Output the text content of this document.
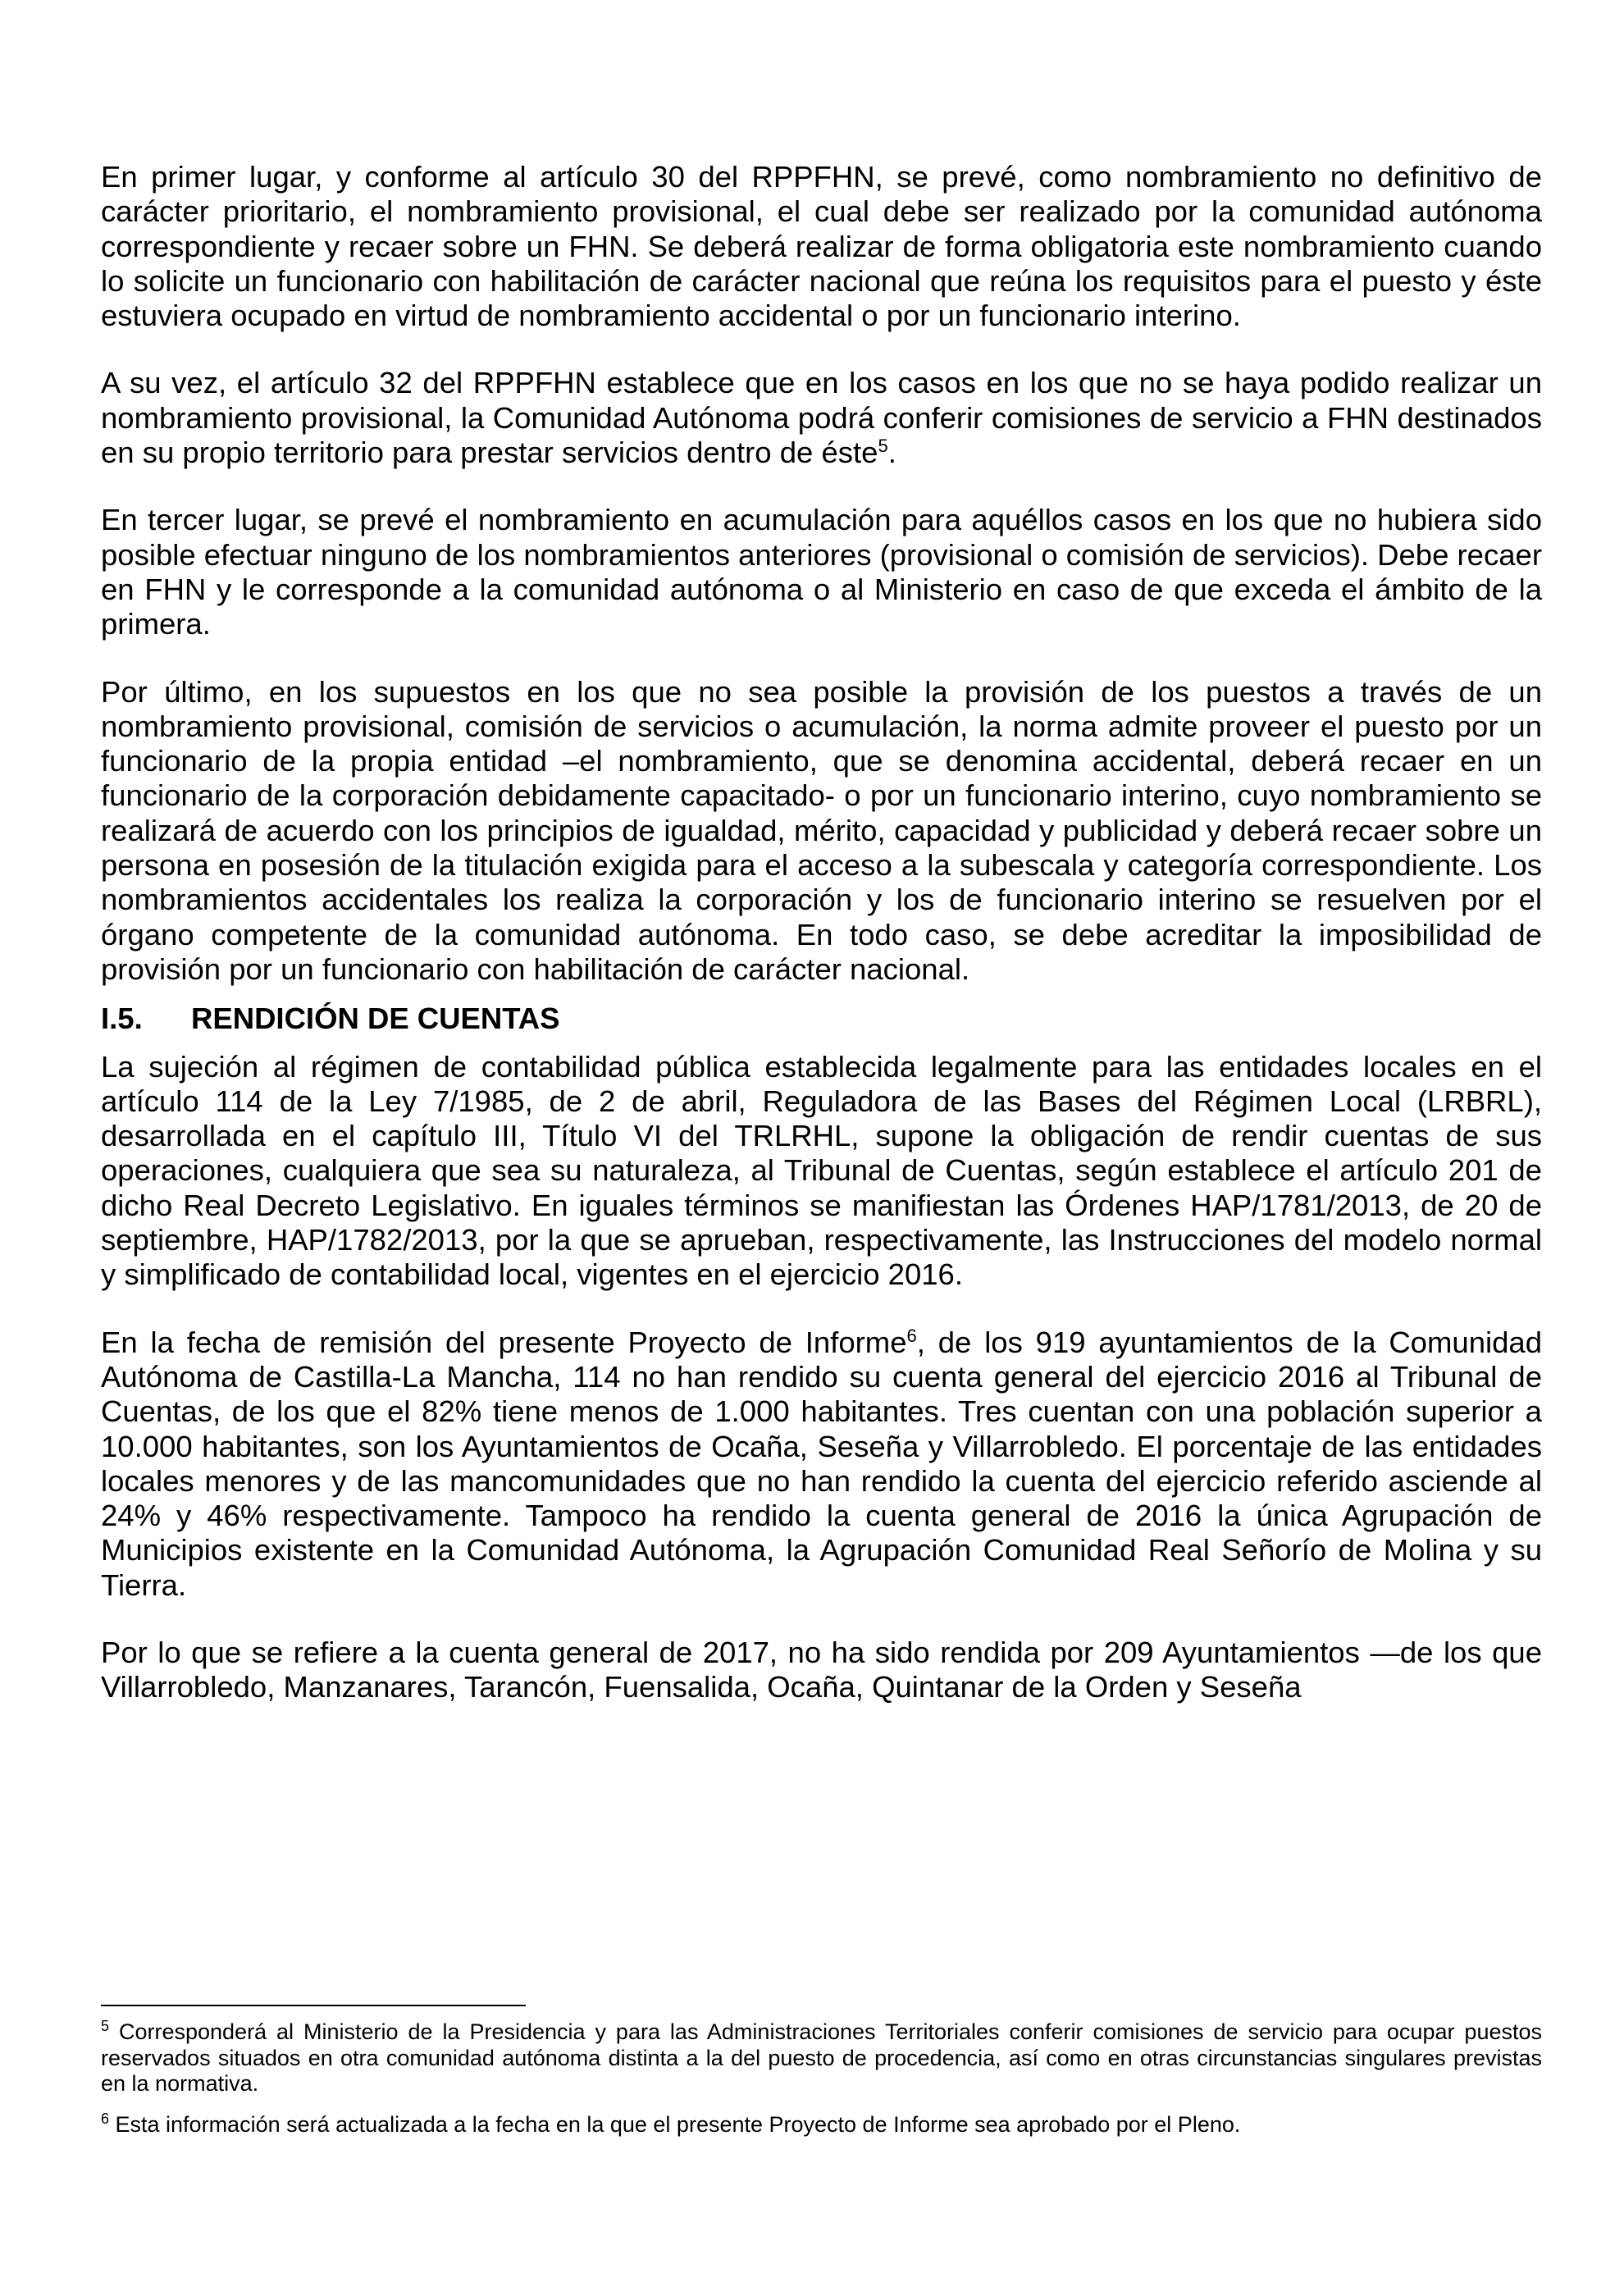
En primer lugar, y conforme al artículo 30 del RPPFHN, se prevé, como nombramiento no definitivo de carácter prioritario, el nombramiento provisional, el cual debe ser realizado por la comunidad autónoma correspondiente y recaer sobre un FHN. Se deberá realizar de forma obligatoria este nombramiento cuando lo solicite un funcionario con habilitación de carácter nacional que reúna los requisitos para el puesto y éste estuviera ocupado en virtud de nombramiento accidental o por un funcionario interino.

A su vez, el artículo 32 del RPPFHN establece que en los casos en los que no se haya podido realizar un nombramiento provisional, la Comunidad Autónoma podrá conferir comisiones de servicio a FHN destinados en su propio territorio para prestar servicios dentro de éste$^5$.

En tercer lugar, se prevé el nombramiento en acumulación para aquéllos casos en los que no hubiera sido posible efectuar ninguno de los nombramientos anteriores (provisional o comisión de servicios). Debe recaer en FHN y le corresponde a la comunidad autónoma o al Ministerio en caso de que exceda el ámbito de la primera.

Por último, en los supuestos en los que no sea posible la provisión de los puestos a través de un nombramiento provisional, comisión de servicios o acumulación, la norma admite proveer el puesto por un funcionario de la propia entidad –el nombramiento, que se denomina accidental, deberá recaer en un funcionario de la corporación debidamente capacitado- o por un funcionario interino, cuyo nombramiento se realizará de acuerdo con los principios de igualdad, mérito, capacidad y publicidad y deberá recaer sobre un persona en posesión de la titulación exigida para el acceso a la subescala y categoría correspondiente. Los nombramientos accidentales los realiza la corporación y los de funcionario interino se resuelven por el órgano competente de la comunidad autónoma. En todo caso, se debe acreditar la imposibilidad de provisión por un funcionario con habilitación de carácter nacional.

I.5. RENDICIÓN DE CUENTAS

La sujeción al régimen de contabilidad pública establecida legalmente para las entidades locales en el artículo 114 de la Ley 7/1985, de 2 de abril, Reguladora de las Bases del Régimen Local (LRBRL), desarrollada en el capítulo III, Título VI del TRLRHL, supone la obligación de rendir cuentas de sus operaciones, cualquiera que sea su naturaleza, al Tribunal de Cuentas, según establece el artículo 201 de dicho Real Decreto Legislativo. En iguales términos se manifiestan las Órdenes HAP/1781/2013, de 20 de septiembre, HAP/1782/2013, por la que se aprueban, respectivamente, las Instrucciones del modelo normal y simplificado de contabilidad local, vigentes en el ejercicio 2016.

En la fecha de remisión del presente Proyecto de Informe$^6$, de los 919 ayuntamientos de la Comunidad Autónoma de Castilla-La Mancha, 114 no han rendido su cuenta general del ejercicio 2016 al Tribunal de Cuentas, de los que el 82% tiene menos de 1.000 habitantes. Tres cuentan con una población superior a 10.000 habitantes, son los Ayuntamientos de Ocaña, Seseña y Villarrobledo. El porcentaje de las entidades locales menores y de las mancomunidades que no han rendido la cuenta del ejercicio referido asciende al 24% y 46% respectivamente. Tampoco ha rendido la cuenta general de 2016 la única Agrupación de Municipios existente en la Comunidad Autónoma, la Agrupación Comunidad Real Señorío de Molina y su Tierra.

Por lo que se refiere a la cuenta general de 2017, no ha sido rendida por 209 Ayuntamientos —de los que Villarrobledo, Manzanares, Tarancón, Fuensalida, Ocaña, Quintanar de la Orden y Seseña

$^5$ Corresponderá al Ministerio de la Presidencia y para las Administraciones Territoriales conferir comisiones de servicio para ocupar puestos reservados situados en otra comunidad autónoma distinta a la del puesto de procedencia, así como en otras circunstancias singulares previstas en la normativa.

$^6$ Esta información será actualizada a la fecha en la que el presente Proyecto de Informe sea aprobado por el Pleno.
